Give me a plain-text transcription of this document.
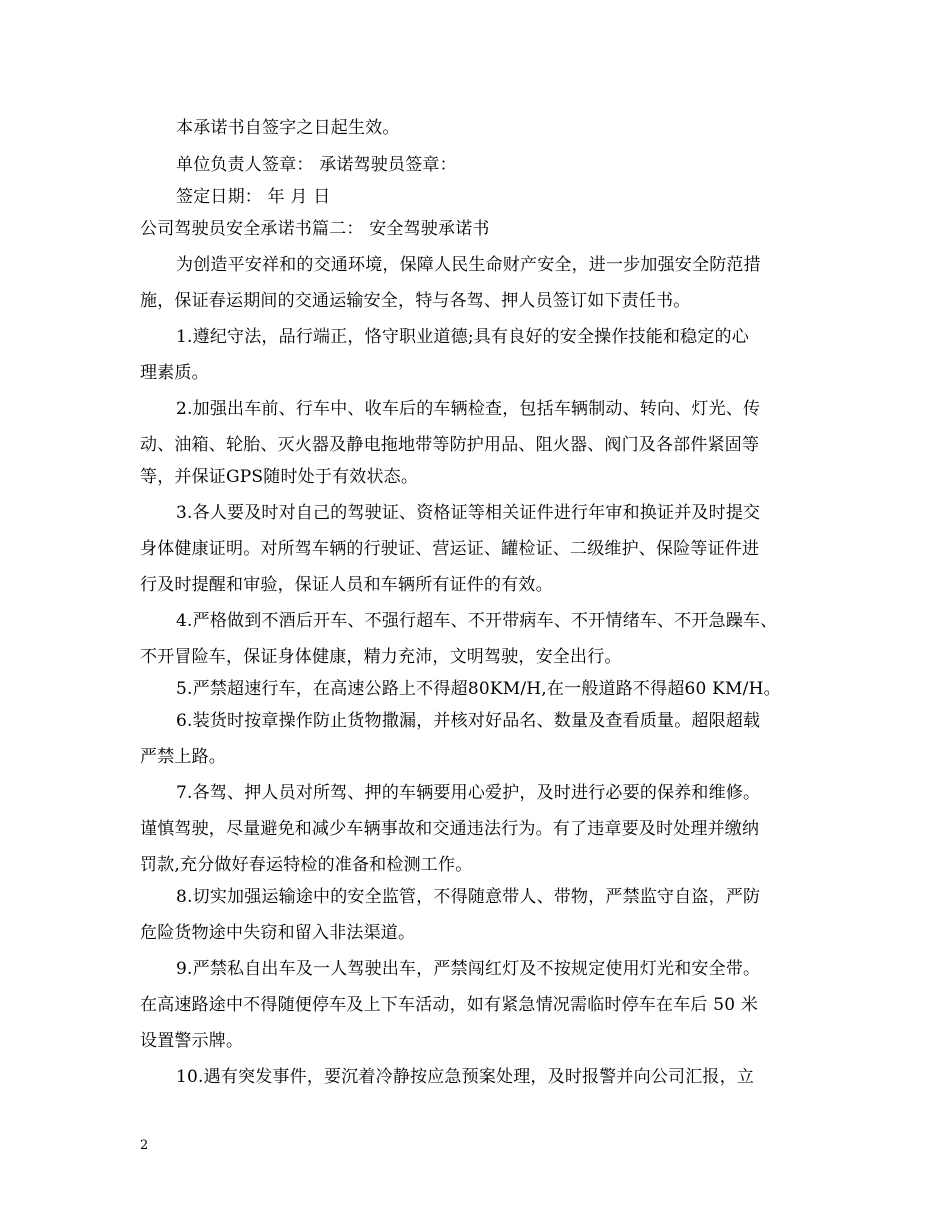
本承诺书自签字之日起生效。
单位负责人签章： 承诺驾驶员签章：
签定日期： 年 月 日
公司驾驶员安全承诺书篇二： 安全驾驶承诺书
为创造平安祥和的交通环境，保障人民生命财产安全，进一步加强安全防范措
施，保证春运期间的交通运输安全，特与各驾、押人员签订如下责任书。
1.遵纪守法，品行端正，恪守职业道德;具有良好的安全操作技能和稳定的心
理素质。
2.加强出车前、行车中、收车后的车辆检查，包括车辆制动、转向、灯光、传
动、油箱、轮胎、灭火器及静电拖地带等防护用品、阻火器、阀门及各部件紧固等
等，并保证GPS随时处于有效状态。
3.各人要及时对自己的驾驶证、资格证等相关证件进行年审和换证并及时提交
身体健康证明。对所驾车辆的行驶证、营运证、罐检证、二级维护、保险等证件进
行及时提醒和审验，保证人员和车辆所有证件的有效。
4.严格做到不酒后开车、不强行超车、不开带病车、不开情绪车、不开急躁车、
不开冒险车，保证身体健康，精力充沛，文明驾驶，安全出行。
5.严禁超速行车，在高速公路上不得超80KM/H,在一般道路不得超60 KM/H。
6.装货时按章操作防止货物撒漏，并核对好品名、数量及查看质量。超限超载
严禁上路。
7.各驾、押人员对所驾、押的车辆要用心爱护，及时进行必要的保养和维修。
谨慎驾驶，尽量避免和减少车辆事故和交通违法行为。有了违章要及时处理并缴纳
罚款,充分做好春运特检的准备和检测工作。
8.切实加强运输途中的安全监管，不得随意带人、带物，严禁监守自盗，严防
危险货物途中失窃和留入非法渠道。
9.严禁私自出车及一人驾驶出车，严禁闯红灯及不按规定使用灯光和安全带。
在高速路途中不得随便停车及上下车活动，如有紧急情况需临时停车在车后 50 米
设置警示牌。
10.遇有突发事件，要沉着冷静按应急预案处理，及时报警并向公司汇报，立
2
